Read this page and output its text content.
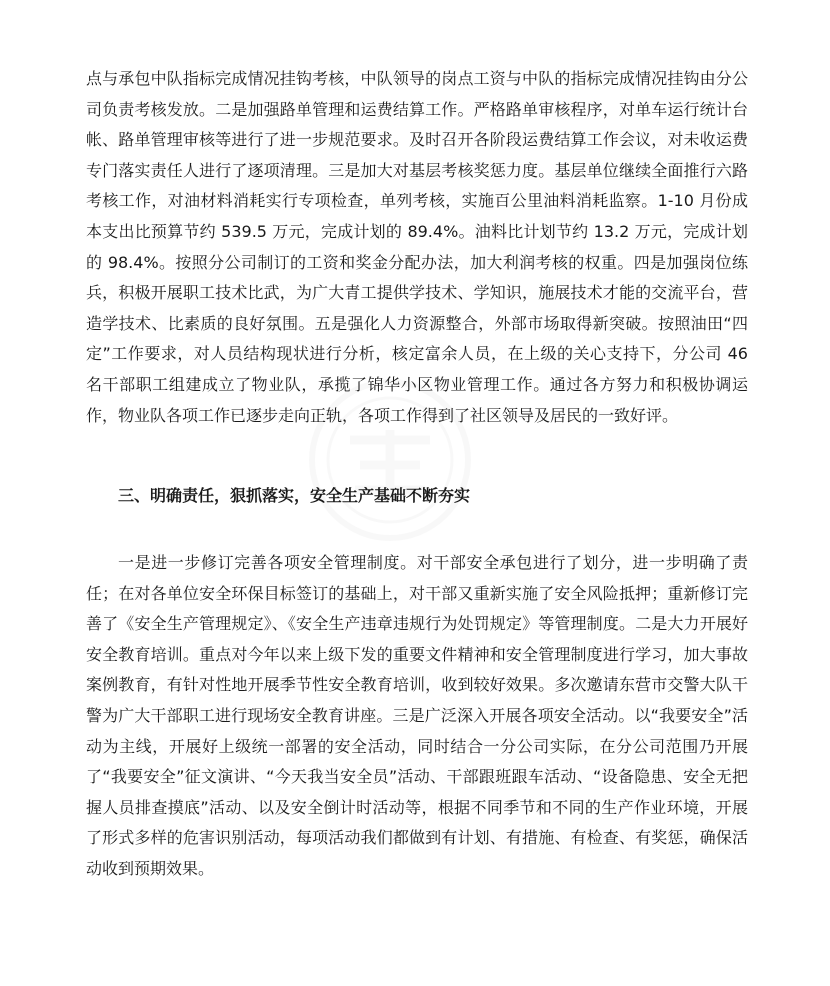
点与承包中队指标完成情况挂钩考核，中队领导的岗点工资与中队的指标完成情况挂钩由分公司负责考核发放。二是加强路单管理和运费结算工作。严格路单审核程序，对单车运行统计台帐、路单管理审核等进行了进一步规范要求。及时召开各阶段运费结算工作会议，对未收运费专门落实责任人进行了逐项清理。三是加大对基层考核奖惩力度。基层单位继续全面推行六路考核工作，对油材料消耗实行专项检查，单列考核，实施百公里油料消耗监察。1-10 月份成本支出比预算节约 539.5 万元，完成计划的 89.4%。油料比计划节约 13.2 万元，完成计划的 98.4%。按照分公司制订的工资和奖金分配办法，加大利润考核的权重。四是加强岗位练兵，积极开展职工技术比武，为广大青工提供学技术、学知识，施展技术才能的交流平台，营造学技术、比素质的良好氛围。五是强化人力资源整合，外部市场取得新突破。按照油田“四定”工作要求，对人员结构现状进行分析，核定富余人员，在上级的关心支持下，分公司 46 名干部职工组建成立了物业队，承揽了锦华小区物业管理工作。通过各方努力和积极协调运作，物业队各项工作已逐步走向正轨，各项工作得到了社区领导及居民的一致好评。

三、明确责任，狠抓落实，安全生产基础不断夯实

一是进一步修订完善各项安全管理制度。对干部安全承包进行了划分，进一步明确了责任；在对各单位安全环保目标签订的基础上，对干部又重新实施了安全风险抵押；重新修订完善了《安全生产管理规定》、《安全生产违章违规行为处罚规定》等管理制度。二是大力开展好安全教育培训。重点对今年以来上级下发的重要文件精神和安全管理制度进行学习，加大事故案例教育，有针对性地开展季节性安全教育培训，收到较好效果。多次邀请东营市交警大队干警为广大干部职工进行现场安全教育讲座。三是广泛深入开展各项安全活动。以“我要安全”活动为主线，开展好上级统一部署的安全活动，同时结合一分公司实际，在分公司范围乃开展了“我要安全”征文演讲、“今天我当安全员”活动、干部跟班跟车活动、“设备隐患、安全无把握人员排查摸底”活动、以及安全倒计时活动等，根据不同季节和不同的生产作业环境，开展了形式多样的危害识别活动，每项活动我们都做到有计划、有措施、有检查、有奖惩，确保活动收到预期效果。
